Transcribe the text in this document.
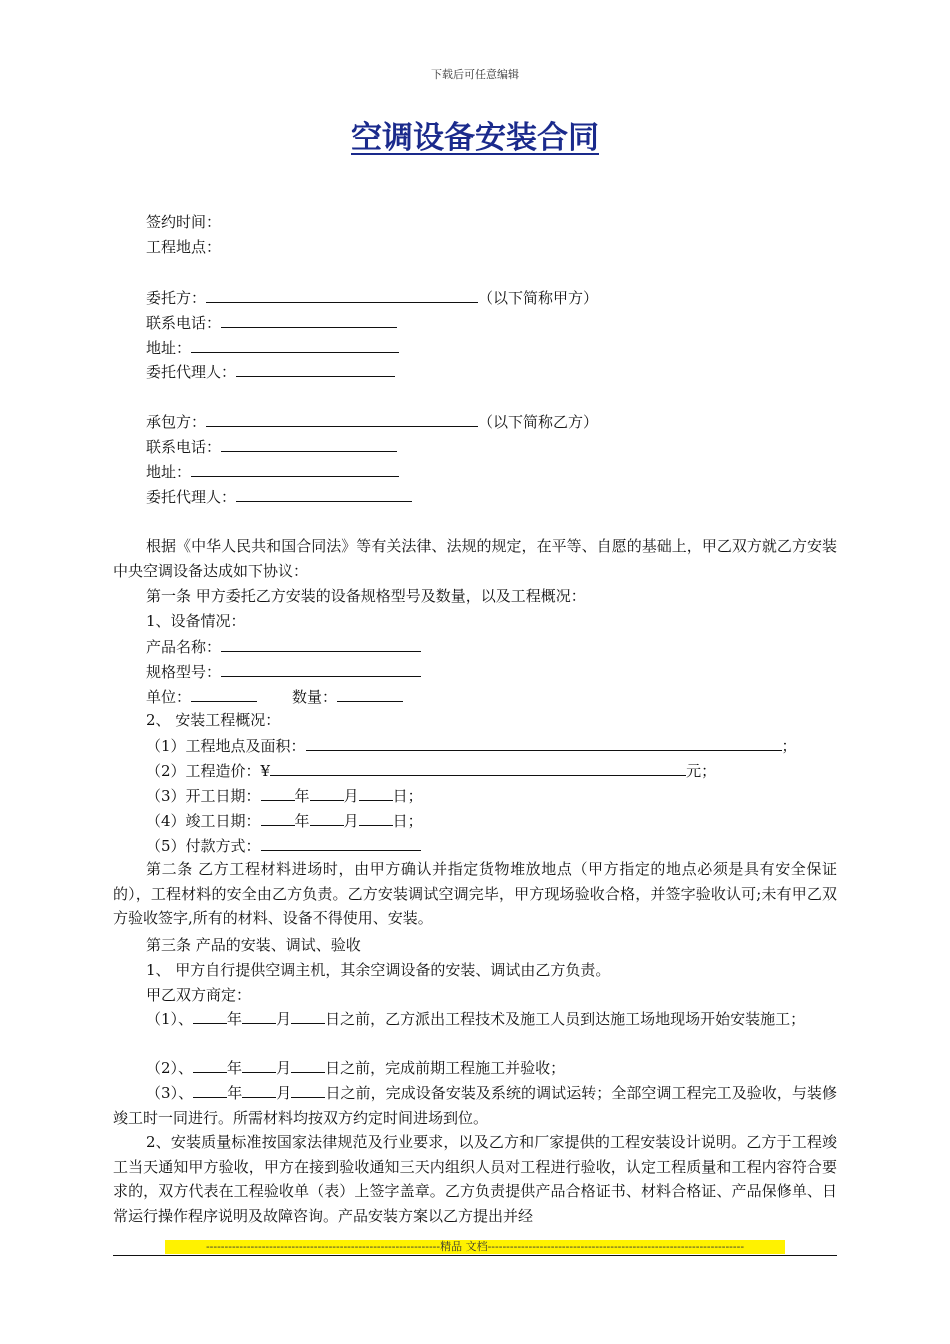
下载后可任意编辑
空调设备安装合同
签约时间：
工程地点：
委托方：	（以下简称甲方）
联系电话：
地址：
委托代理人：
承包方：	（以下简称乙方）
联系电话：
地址：
委托代理人：

根据《中华人民共和国合同法》等有关法律、法规的规定，在平等、自愿的基础上，甲乙双方就乙方安装中央空调设备达成如下协议：

第一条 甲方委托乙方安装的设备规格型号及数量，以及工程概况：
1、设备情况：
产品名称：
规格型号：
单位：	数量：
2、 安装工程概况：
（1）工程地点及面积：	；
（2）工程造价：¥	元；
（3）开工日期： 年 月 日；
（4）竣工日期： 年 月 日；
（5）付款方式：

第二条 乙方工程材料进场时，由甲方确认并指定货物堆放地点（甲方指定的地点必须是具有安全保证的），工程材料的安全由乙方负责。乙方安装调试空调完毕，甲方现场验收合格，并签字验收认可;未有甲乙双方验收签字,所有的材料、设备不得使用、安装。

第三条 产品的安装、调试、验收
1、 甲方自行提供空调主机，其余空调设备的安装、调试由乙方负责。
甲乙双方商定：

（1）、 年 月 日之前，乙方派出工程技术及施工人员到达施工场地现场开始安装施工；

（2）、 年 月 日之前，完成前期工程施工并验收；

（3）、 年 月 日之前，完成设备安装及系统的调试运转；全部空调工程完工及验收，与装修竣工时一同进行。所需材料均按双方约定时间进场到位。

2、安装质量标准按国家法律规范及行业要求，以及乙方和厂家提供的工程安装设计说明。乙方于工程竣工当天通知甲方验收，甲方在接到验收通知三天内组织人员对工程进行验收，认定工程质量和工程内容符合要求的，双方代表在工程验收单（表）上签字盖章。乙方负责提供产品合格证书、材料合格证、产品保修单、日常运行操作程序说明及故障咨询。产品安装方案以乙方提出并经

---------------------------------------------------------------精品 文档---------------------------------------------------------------------
